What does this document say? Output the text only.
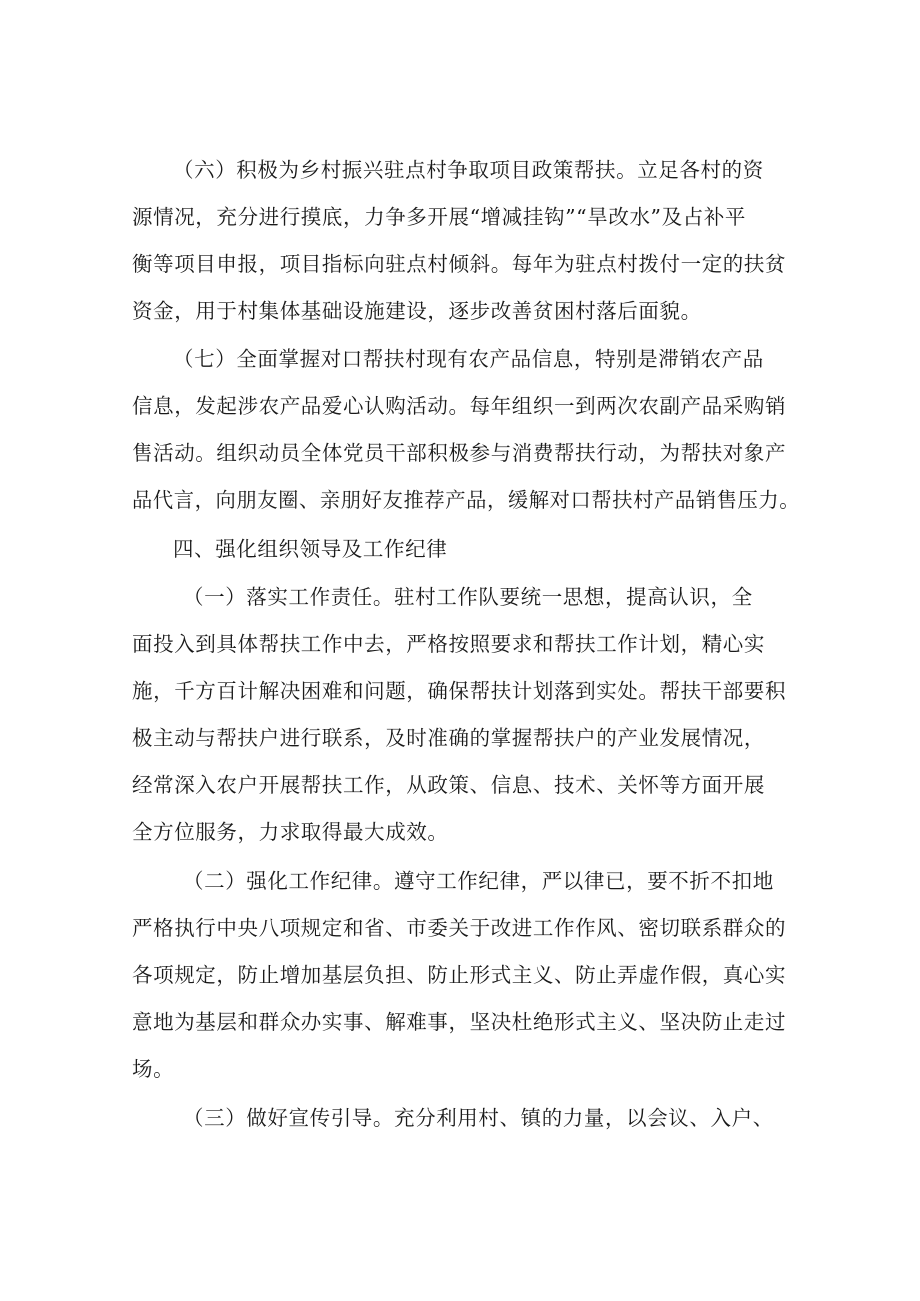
（六）积极为乡村振兴驻点村争取项目政策帮扶。立足各村的资
源情况，充分进行摸底，力争多开展“增减挂钩”“旱改水”及占补平
衡等项目申报，项目指标向驻点村倾斜。每年为驻点村拨付一定的扶贫
资金，用于村集体基础设施建设，逐步改善贫困村落后面貌。
（七）全面掌握对口帮扶村现有农产品信息，特别是滞销农产品
信息，发起涉农产品爱心认购活动。每年组织一到两次农副产品采购销
售活动。组织动员全体党员干部积极参与消费帮扶行动，为帮扶对象产
品代言，向朋友圈、亲朋好友推荐产品，缓解对口帮扶村产品销售压力。
四、强化组织领导及工作纪律
（一）落实工作责任。驻村工作队要统一思想，提高认识，全
面投入到具体帮扶工作中去，严格按照要求和帮扶工作计划，精心实
施，千方百计解决困难和问题，确保帮扶计划落到实处。帮扶干部要积
极主动与帮扶户进行联系，及时准确的掌握帮扶户的产业发展情况，
经常深入农户开展帮扶工作，从政策、信息、技术、关怀等方面开展
全方位服务，力求取得最大成效。
（二）强化工作纪律。遵守工作纪律，严以律已，要不折不扣地
严格执行中央八项规定和省、市委关于改进工作作风、密切联系群众的
各项规定，防止增加基层负担、防止形式主义、防止弄虚作假，真心实
意地为基层和群众办实事、解难事，坚决杜绝形式主义、坚决防止走过
场。
（三）做好宣传引导。充分利用村、镇的力量，以会议、入户、
